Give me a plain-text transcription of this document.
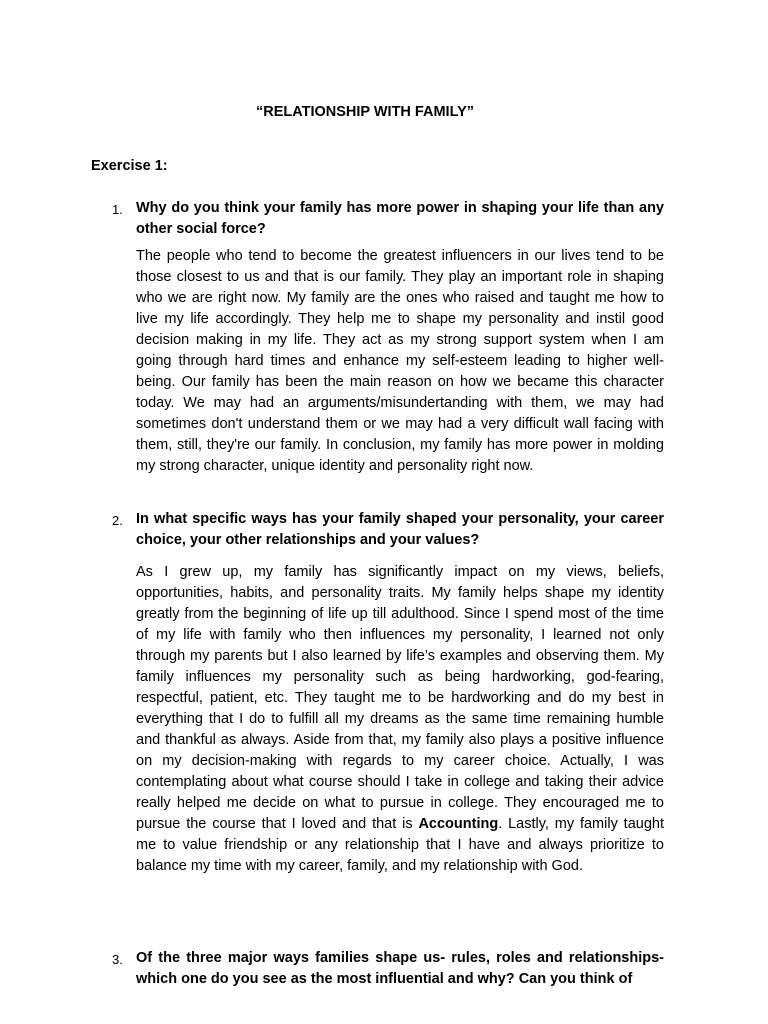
“RELATIONSHIP WITH FAMILY”
Exercise 1:
1. Why do you think your family has more power in shaping your life than any other social force?

The people who tend to become the greatest influencers in our lives tend to be those closest to us and that is our family. They play an important role in shaping who we are right now. My family are the ones who raised and taught me how to live my life accordingly. They help me to shape my personality and instil good decision making in my life. They act as my strong support system when I am going through hard times and enhance my self-esteem leading to higher well-being. Our family has been the main reason on how we became this character today. We may had an arguments/misundertanding with them, we may had sometimes don't understand them or we may had a very difficult wall facing with them, still, they're our family. In conclusion, my family has more power in molding my strong character, unique identity and personality right now.

2. In what specific ways has your family shaped your personality, your career choice, your other relationships and your values?

As I grew up, my family has significantly impact on my views, beliefs, opportunities, habits, and personality traits. My family helps shape my identity greatly from the beginning of life up till adulthood. Since I spend most of the time of my life with family who then influences my personality, I learned not only through my parents but I also learned by life’s examples and observing them. My family influences my personality such as being hardworking, god-fearing, respectful, patient, etc. They taught me to be hardworking and do my best in everything that I do to fulfill all my dreams as the same time remaining humble and thankful as always. Aside from that, my family also plays a positive influence on my decision-making with regards to my career choice. Actually, I was contemplating about what course should I take in college and taking their advice really helped me decide on what to pursue in college. They encouraged me to pursue the course that I loved and that is Accounting. Lastly, my family taught me to value friendship or any relationship that I have and always prioritize to balance my time with my career, family, and my relationship with God.

3. Of the three major ways families shape us- rules, roles and relationships- which one do you see as the most influential and why? Can you think of
